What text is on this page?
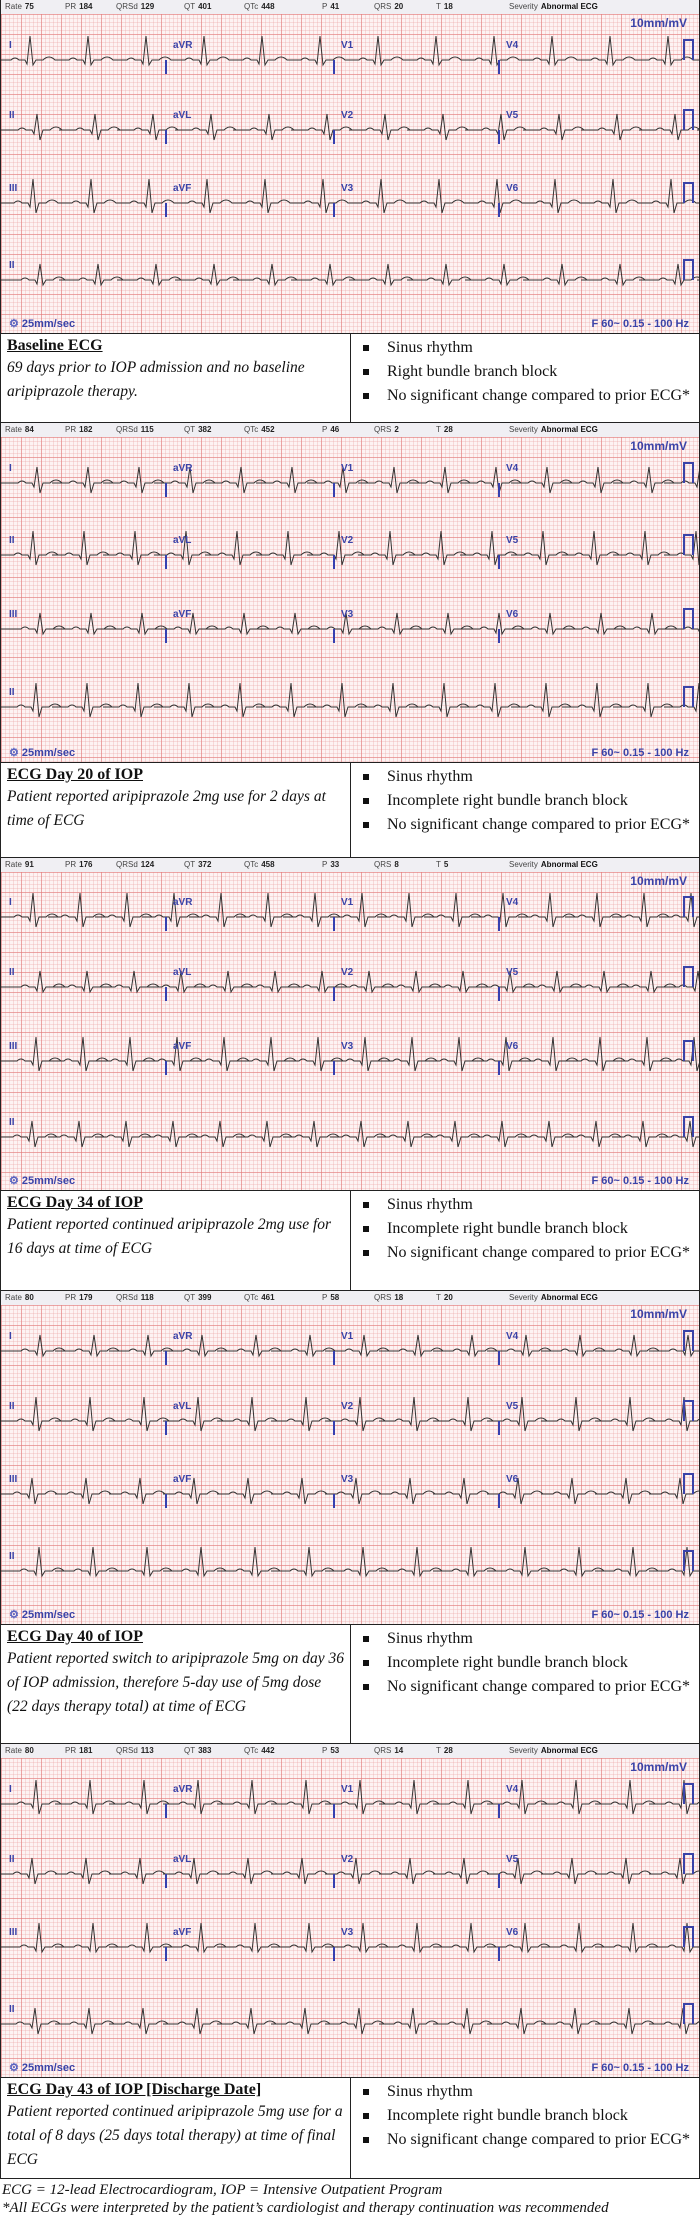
Rate 75	PR 184	QRSd 129	QT 401	QTc 448	P 41	QRS 20	T 18	Severity Abnormal ECG
I	aVR	V1	V4
II	aVL	V2	V5
III	aVF	V3	V6
II
10mm/mV
⚙ 25mm/sec	F 60~ 0.15 - 100 Hz
Baseline ECG
69 days prior to IOP admission and no baseline aripiprazole therapy.
Sinus rhythm
Right bundle branch block
No significant change compared to prior ECG*
Rate 84	PR 182	QRSd 115	QT 382	QTc 452	P 46	QRS 2	T 28	Severity Abnormal ECG
I	aVR	V1	V4
II	aVL	V2	V5
III	aVF	V3	V6
II
10mm/mV
⚙ 25mm/sec	F 60~ 0.15 - 100 Hz
ECG Day 20 of IOP
Patient reported aripiprazole 2mg use for 2 days at time of ECG
Sinus rhythm
Incomplete right bundle branch block
No significant change compared to prior ECG*
Rate 91	PR 176	QRSd 124	QT 372	QTc 458	P 33	QRS 8	T 5	Severity Abnormal ECG
I	aVR	V1	V4
II	aVL	V2	V5
III	aVF	V3	V6
II
10mm/mV
⚙ 25mm/sec	F 60~ 0.15 - 100 Hz
ECG Day 34 of IOP
Patient reported continued aripiprazole 2mg use for 16 days at time of ECG
Sinus rhythm
Incomplete right bundle branch block
No significant change compared to prior ECG*
Rate 80	PR 179	QRSd 118	QT 399	QTc 461	P 58	QRS 18	T 20	Severity Abnormal ECG
I	aVR	V1	V4
II	aVL	V2	V5
III	aVF	V3	V6
II
10mm/mV
⚙ 25mm/sec	F 60~ 0.15 - 100 Hz
ECG Day 40 of IOP
Patient reported switch to aripiprazole 5mg on day 36 of IOP admission, therefore 5-day use of 5mg dose (22 days therapy total) at time of ECG
Sinus rhythm
Incomplete right bundle branch block
No significant change compared to prior ECG*
Rate 80	PR 181	QRSd 113	QT 383	QTc 442	P 53	QRS 14	T 28	Severity Abnormal ECG
I	aVR	V1	V4
II	aVL	V2	V5
III	aVF	V3	V6
II
10mm/mV
⚙ 25mm/sec	F 60~ 0.15 - 100 Hz
ECG Day 43 of IOP [Discharge Date]
Patient reported continued aripiprazole 5mg use for a total of 8 days (25 days total therapy) at time of final ECG
Sinus rhythm
Incomplete right bundle branch block
No significant change compared to prior ECG*
ECG = 12-lead Electrocardiogram, IOP = Intensive Outpatient Program
*All ECGs were interpreted by the patient’s cardiologist and therapy continuation was recommended
